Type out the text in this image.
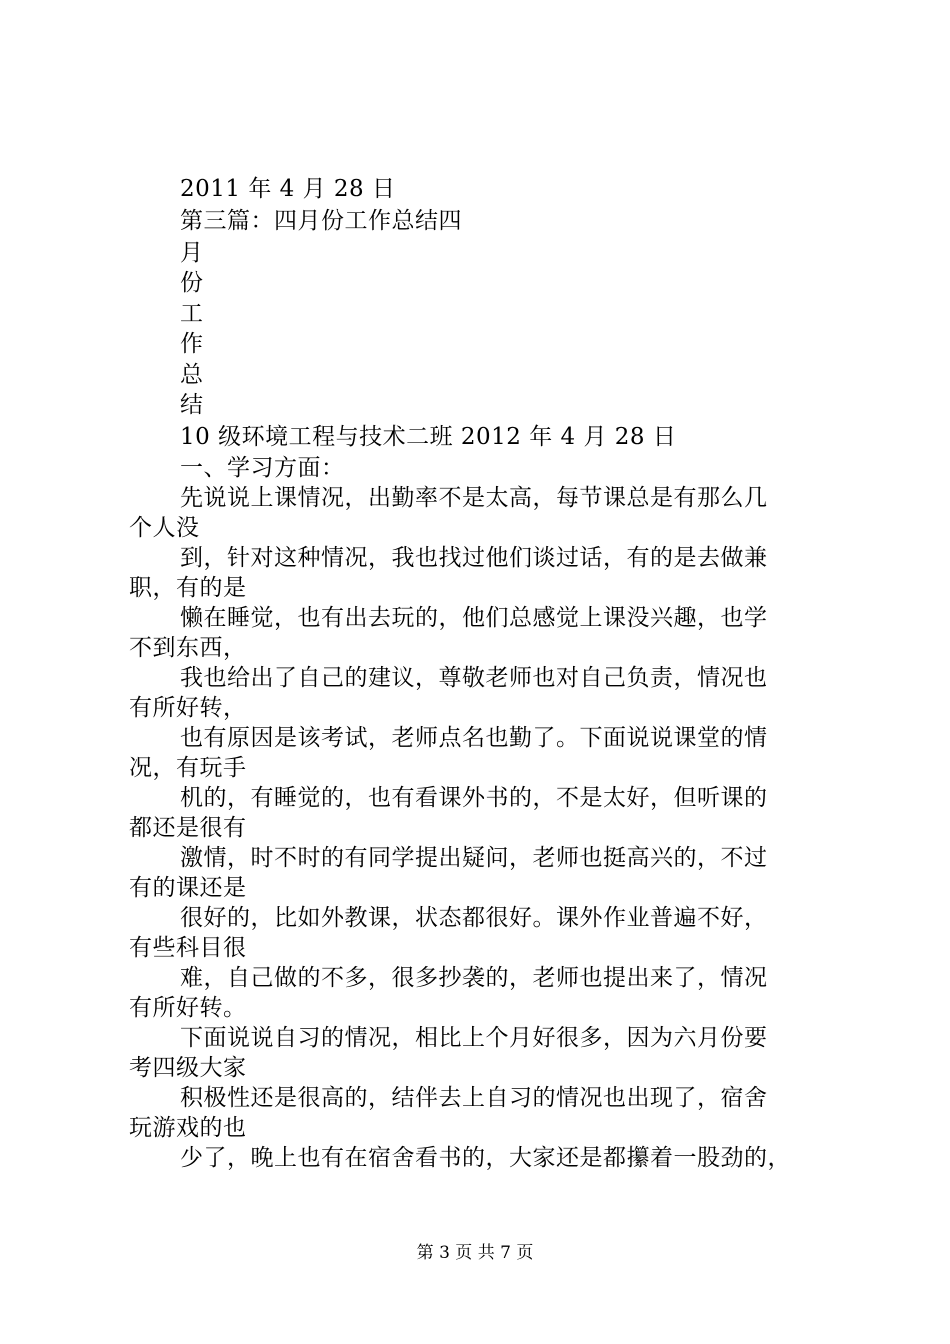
2011 年 4 月 28 日
第三篇：四月份工作总结四
月
份
工
作
总
结
10 级环境工程与技术二班 2012 年 4 月 28 日
一、学习方面：
先说说上课情况，出勤率不是太高，每节课总是有那么几
个人没
到，针对这种情况，我也找过他们谈过话，有的是去做兼
职，有的是
懒在睡觉，也有出去玩的，他们总感觉上课没兴趣，也学
不到东西，
我也给出了自己的建议，尊敬老师也对自己负责，情况也
有所好转，
也有原因是该考试，老师点名也勤了。下面说说课堂的情
况，有玩手
机的，有睡觉的，也有看课外书的，不是太好，但听课的
都还是很有
激情，时不时的有同学提出疑问，老师也挺高兴的，不过
有的课还是
很好的，比如外教课，状态都很好。课外作业普遍不好，
有些科目很
难，自己做的不多，很多抄袭的，老师也提出来了，情况
有所好转。
下面说说自习的情况，相比上个月好很多，因为六月份要
考四级大家
积极性还是很高的，结伴去上自习的情况也出现了，宿舍
玩游戏的也
少了，晚上也有在宿舍看书的，大家还是都攥着一股劲的，
第 3 页 共 7 页
